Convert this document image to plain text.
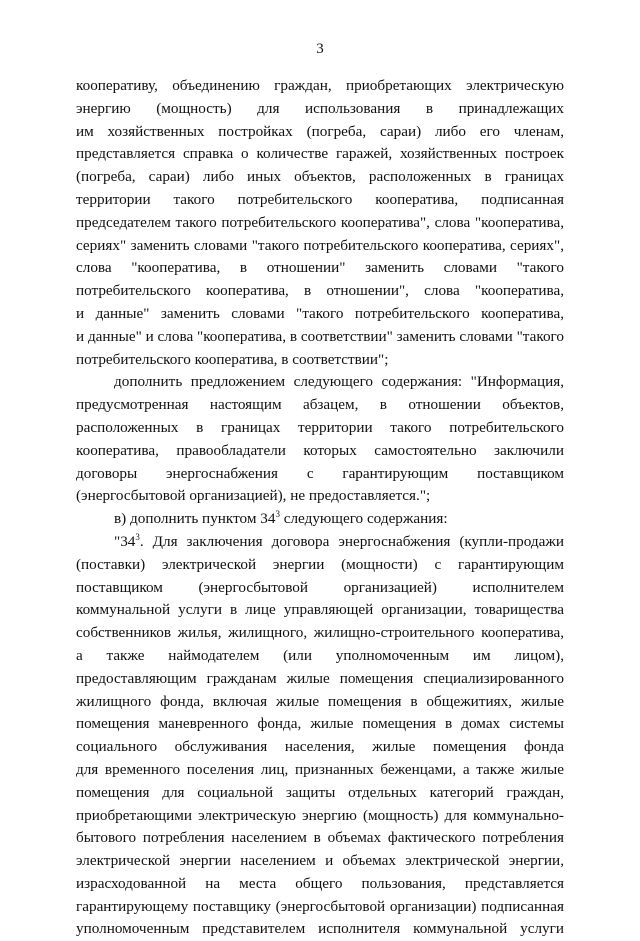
3
кооперативу, объединению граждан, приобретающих электрическую
энергию (мощность) для использования в принадлежащих
им хозяйственных постройках (погреба, сараи) либо его членам,
представляется справка о количестве гаражей, хозяйственных построек
(погреба, сараи) либо иных объектов, расположенных в границах
территории такого потребительского кооператива, подписанная
председателем такого потребительского кооператива", слова "кооператива,
сериях" заменить словами "такого потребительского кооператива, сериях",
слова "кооператива, в отношении" заменить словами "такого
потребительского кооператива, в отношении", слова "кооператива,
и данные" заменить словами "такого потребительского кооператива,
и данные" и слова "кооператива, в соответствии" заменить словами "такого
потребительского кооператива, в соответствии";
дополнить предложением следующего содержания: "Информация,
предусмотренная настоящим абзацем, в отношении объектов,
расположенных в границах территории такого потребительского
кооператива, правообладатели которых самостоятельно заключили
договоры энергоснабжения с гарантирующим поставщиком
(энергосбытовой организацией), не предоставляется.";
в) дополнить пунктом $34^3$ следующего содержания:
"$34^3$. Для заключения договора энергоснабжения (купли-продажи
(поставки) электрической энергии (мощности) с гарантирующим
поставщиком (энергосбытовой организацией) исполнителем
коммунальной услуги в лице управляющей организации, товарищества
собственников жилья, жилищного, жилищно-строительного кооператива,
а также наймодателем (или уполномоченным им лицом),
предоставляющим гражданам жилые помещения специализированного
жилищного фонда, включая жилые помещения в общежитиях, жилые
помещения маневренного фонда, жилые помещения в домах системы
социального обслуживания населения, жилые помещения фонда
для временного поселения лиц, признанных беженцами, а также жилые
помещения для социальной защиты отдельных категорий граждан,
приобретающими электрическую энергию (мощность) для коммунально-
бытового потребления населением в объемах фактического потребления
электрической энергии населением и объемах электрической энергии,
израсходованной на места общего пользования, представляется
гарантирующему поставщику (энергосбытовой организации) подписанная
уполномоченным представителем исполнителя коммунальной услуги
